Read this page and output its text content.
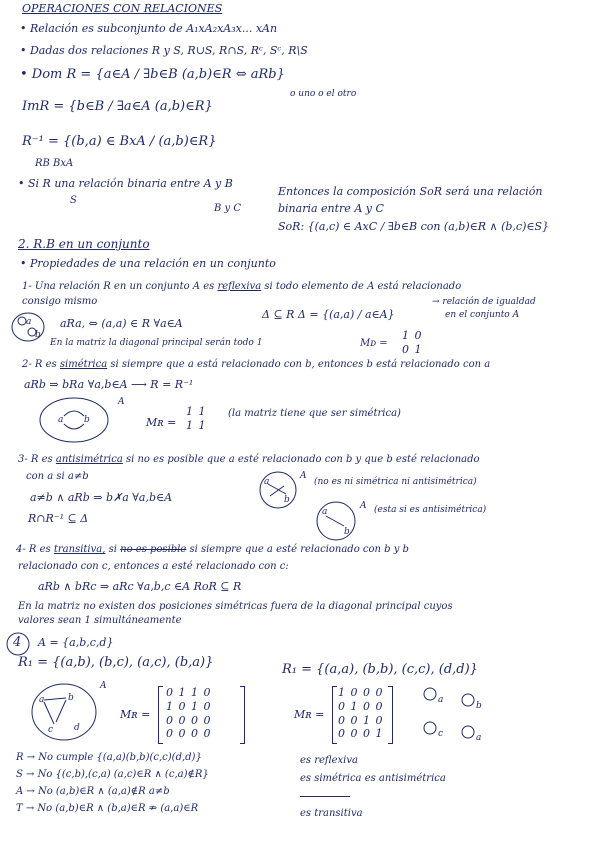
OPERACIONES CON RELACIONES
• Relación es subconjunto de A₁xA₂xA₃x... xAn
• Dadas dos relaciones R y S, R∪S, R∩S, Rᶜ, Sᶜ, R\S
• Dom R = {a∈A / ∃b∈B (a,b)∈R ⇔ aRb}
o uno o el otro
ImR = {b∈B / ∃a∈A (a,b)∈R}
R⁻¹ = {(b,a) ∈ BxA / (a,b)∈R}
RB BxA
• Si R una relación binaria entre A y B
S
B y C
Entonces la composición SoR será una relación
binaria entre A y C
SoR: {(a,c) ∈ AxC / ∃b∈B con (a,b)∈R ∧ (b,c)∈S}
2. R.B en un conjunto
• Propiedades de una relación en un conjunto
1- Una relación R en un conjunto A es reflexiva si todo elemento de A está relacionado
consigo mismo
a
b
aRa, ⇔ (a,a) ∈ R ∀a∈A
Δ ⊆ R Δ = {(a,a) / a∈A}
→ relación de igualdad
en el conjunto A
En la matriz la diagonal principal serán todo 1	Mᴅ =
1 0
0 1
2- R es simétrica si siempre que a está relacionado con b, entonces b está relacionado con a
aRb ⇒ bRa ∀a,b∈A ⟶ R = R⁻¹
a b
A
Mʀ =
1 1
1 1
(la matriz tiene que ser simétrica)
3- R es antisimétrica si no es posible que a esté relacionado con b y que b esté relacionado
con a si a≠b
a≠b ∧ aRb ⇒ b✗a ∀a,b∈A
R∩R⁻¹ ⊆ Δ
a
b
A
(no es ni simétrica ni antisimétrica)
a
b
A (esta si es antisimétrica)
4- R es transitiva, si no es posible si siempre que a esté relacionado con b y b
relacionado con c, entonces a esté relacionado con c:
aRb ∧ bRc ⇒ aRc ∀a,b,c ∈A RoR ⊆ R
En la matriz no existen dos posiciones simétricas fuera de la diagonal principal cuyos
valores sean 1 simultáneamente
4 A = {a,b,c,d}
R₁ = {(a,b), (b,c), (a,c), (b,a)}	R₁ = {(a,a), (b,b), (c,c), (d,d)}
a	b
c d
A
Mʀ =
0 1 1 0
1 0 1 0
0 0 0 0
0 0 0 0
Mʀ =
1 0 0 0
0 1 0 0
0 0 1 0
0 0 0 1
a
b
c	a
R → No cumple {(a,a)(b,b)(c,c)(d,d)}
S → No {(c,b),(c,a) (a,c)∈R ∧ (c,a)∉R}
A → No (a,b)∈R ∧ (a,a)∉R a≠b
T → No (a,b)∈R ∧ (b,a)∈R ⇏ (a,a)∈R
es reflexiva
es simétrica es antisimétrica
es transitiva
